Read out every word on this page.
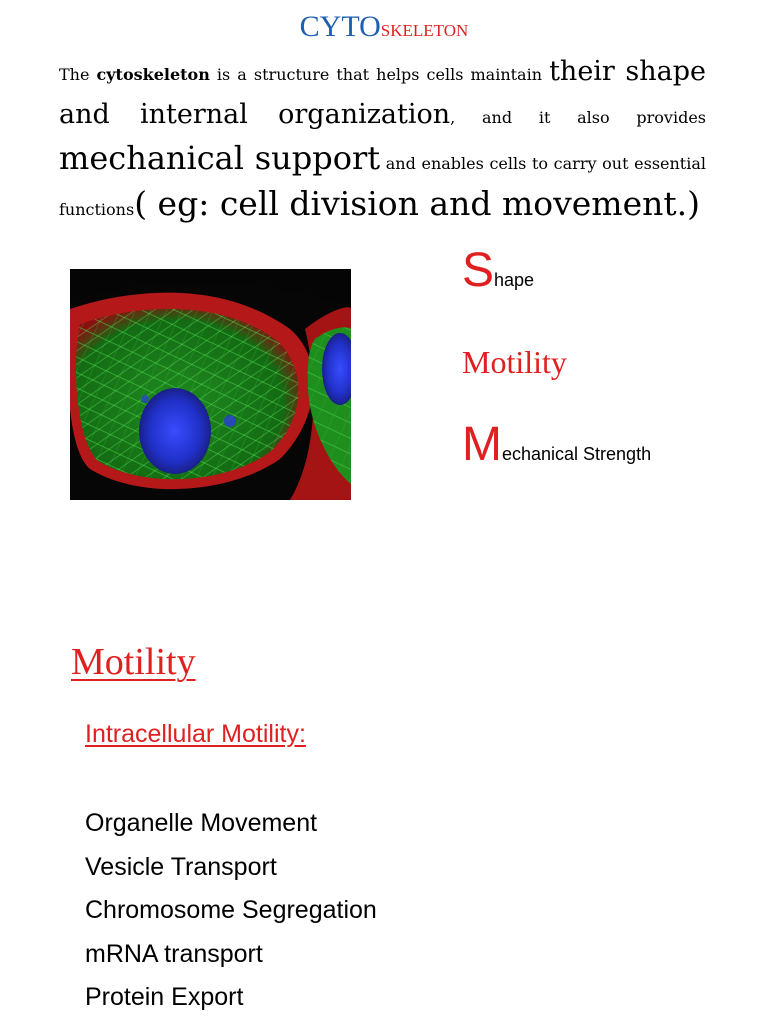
CYTOSKELETON

The cytoskeleton is a structure that helps cells maintain their shape and internal organization, and it also provides mechanical support and enables cells to carry out essential functions( eg: cell division and movement.)

Shape
Motility
Mechanical Strength
Motility
Intracellular Motility:
Organelle Movement
Vesicle Transport
Chromosome Segregation
mRNA transport
Protein Export
